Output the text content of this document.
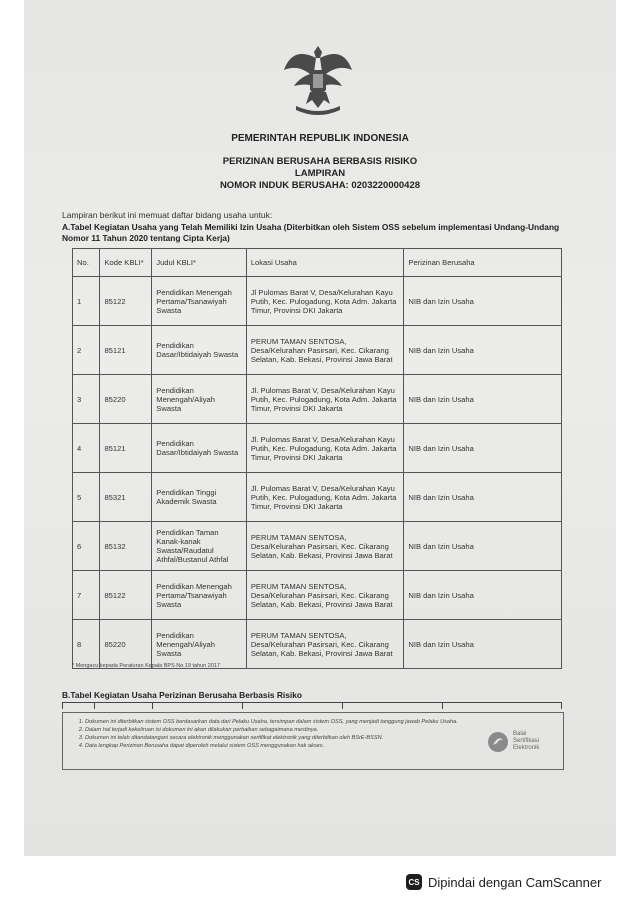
PEMERINTAH REPUBLIK INDONESIA
PERIZINAN BERUSAHA BERBASIS RISIKO
LAMPIRAN
NOMOR INDUK BERUSAHA: 0203220000428
Lampiran berikut ini memuat daftar bidang usaha untuk:
A.Tabel Kegiatan Usaha yang Telah Memiliki Izin Usaha (Diterbitkan oleh Sistem OSS sebelum implementasi Undang-Undang Nomor 11 Tahun 2020 tentang Cipta Kerja)
No.	Kode KBLI*	Judul KBLI*	Lokasi Usaha	Perizinan Berusaha
1	85122	Pendidikan Menengah Pertama/Tsanawiyah Swasta	Jl Pulomas Barat V, Desa/Kelurahan Kayu Putih, Kec. Pulogadung, Kota Adm. Jakarta Timur, Provinsi DKI Jakarta	NIB dan Izin Usaha
2	85121	Pendidikan Dasar/Ibtidaiyah Swasta	PERUM TAMAN SENTOSA, Desa/Kelurahan Pasirsari, Kec. Cikarang Selatan, Kab. Bekasi, Provinsi Jawa Barat	NIB dan Izin Usaha
3	85220	Pendidikan Menengah/Aliyah Swasta	Jl. Pulomas Barat V, Desa/Kelurahan Kayu Putih, Kec. Pulogadung, Kota Adm. Jakarta Timur, Provinsi DKI Jakarta	NIB dan Izin Usaha
4	85121	Pendidikan Dasar/Ibtidaiyah Swasta	Jl. Pulomas Barat V, Desa/Kelurahan Kayu Putih, Kec. Pulogadung, Kota Adm. Jakarta Timur, Provinsi DKI Jakarta	NIB dan Izin Usaha
5	85321	Pendidikan Tinggi Akademik Swasta	Jl. Pulomas Barat V, Desa/Kelurahan Kayu Putih, Kec. Pulogadung, Kota Adm. Jakarta Timur, Provinsi DKI Jakarta	NIB dan Izin Usaha
6	85132	Pendidikan Taman Kanak-kanak Swasta/Raudatul Athfal/Bustanul Athfal	PERUM TAMAN SENTOSA, Desa/Kelurahan Pasirsari, Kec. Cikarang Selatan, Kab. Bekasi, Provinsi Jawa Barat	NIB dan Izin Usaha
7	85122	Pendidikan Menengah Pertama/Tsanawiyah Swasta	PERUM TAMAN SENTOSA, Desa/Kelurahan Pasirsari, Kec. Cikarang Selatan, Kab. Bekasi, Provinsi Jawa Barat	NIB dan Izin Usaha
8	85220	Pendidikan Menengah/Aliyah Swasta	PERUM TAMAN SENTOSA, Desa/Kelurahan Pasirsari, Kec. Cikarang Selatan, Kab. Bekasi, Provinsi Jawa Barat	NIB dan Izin Usaha
* Mengacu kepada Peraturan Kepala BPS No.19 tahun 2017
B.Tabel Kegiatan Usaha Perizinan Berusaha Berbasis Risiko
1. Dokumen ini diterbitkan sistem OSS berdasarkan data dari Pelaku Usaha, tersimpan dalam sistem OSS, yang menjadi tanggung jawab Pelaku Usaha.
2. Dalam hal terjadi kekeliruan isi dokumen ini akan dilakukan perbaikan sebagaimana mestinya.
3. Dokumen ini telah ditandatangani secara elektronik menggunakan sertifikat elektronik yang diterbitkan oleh BSrE-BSSN.
4. Data lengkap Perizinan Berusaha dapat diperoleh melalui sistem OSS menggunakan hak akses.
Balai
Sertifikasi
Elektronik
CS Dipindai dengan CamScanner
